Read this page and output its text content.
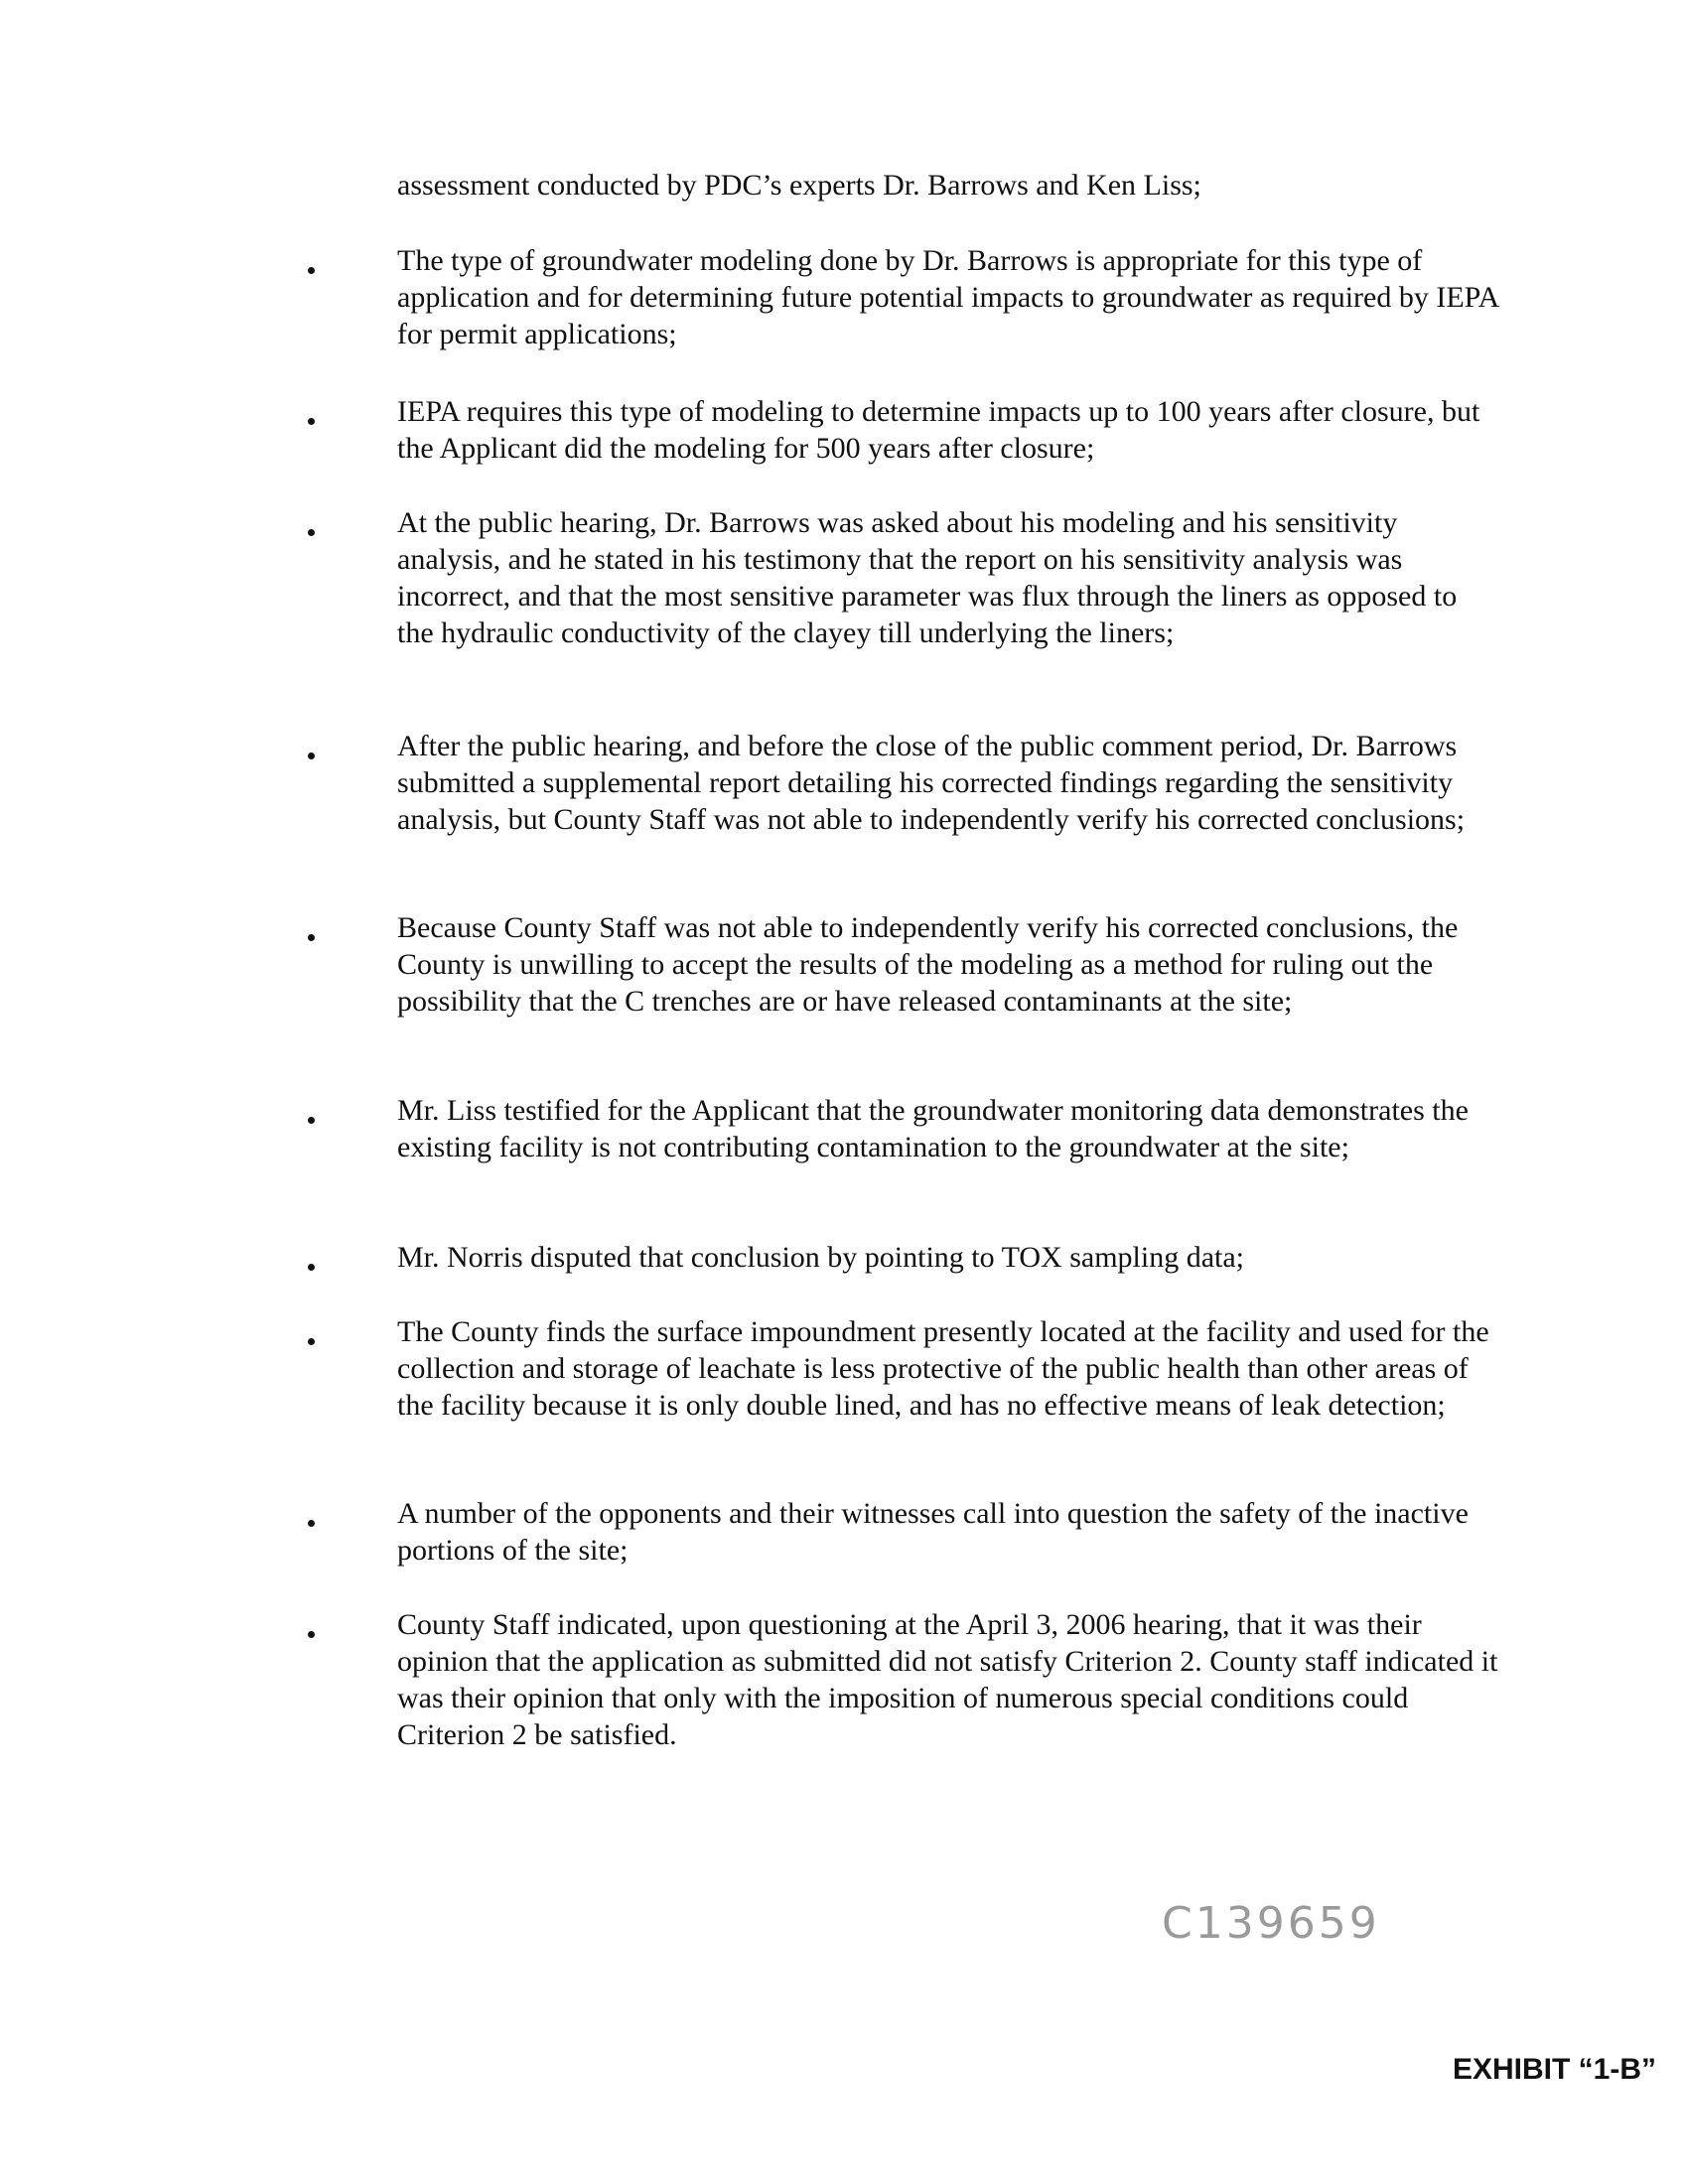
assessment conducted by PDC’s experts Dr. Barrows and Ken Liss;

The type of groundwater modeling done by Dr. Barrows is appropriate for this type of application and for determining future potential impacts to groundwater as required by IEPA for permit applications;

IEPA requires this type of modeling to determine impacts up to 100 years after closure, but the Applicant did the modeling for 500 years after closure;

At the public hearing, Dr. Barrows was asked about his modeling and his sensitivity analysis, and he stated in his testimony that the report on his sensitivity analysis was incorrect, and that the most sensitive parameter was flux through the liners as opposed to the hydraulic conductivity of the clayey till underlying the liners;

After the public hearing, and before the close of the public comment period, Dr. Barrows submitted a supplemental report detailing his corrected findings regarding the sensitivity analysis, but County Staff was not able to independently verify his corrected conclusions;

Because County Staff was not able to independently verify his corrected conclusions, the County is unwilling to accept the results of the modeling as a method for ruling out the possibility that the C trenches are or have released contaminants at the site;

Mr. Liss testified for the Applicant that the groundwater monitoring data demonstrates the existing facility is not contributing contamination to the groundwater at the site;

Mr. Norris disputed that conclusion by pointing to TOX sampling data;

The County finds the surface impoundment presently located at the facility and used for the collection and storage of leachate is less protective of the public health than other areas of the facility because it is only double lined, and has no effective means of leak detection;

A number of the opponents and their witnesses call into question the safety of the inactive portions of the site;

County Staff indicated, upon questioning at the April 3, 2006 hearing, that it was their opinion that the application as submitted did not satisfy Criterion 2. County staff indicated it was their opinion that only with the imposition of numerous special conditions could Criterion 2 be satisfied.

C139659
EXHIBIT “1-B”
